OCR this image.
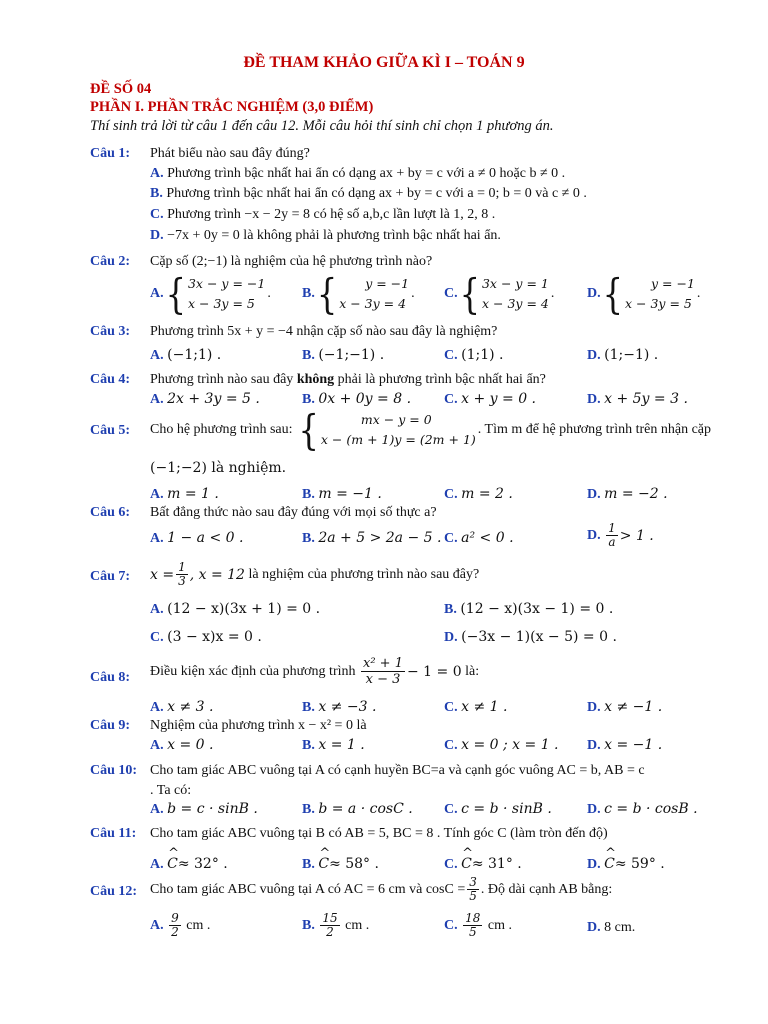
ĐỀ THAM KHẢO GIỮA KÌ I – TOÁN 9
ĐỀ SỐ 04
PHẦN I. PHẦN TRẮC NGHIỆM (3,0 ĐIỂM)
Thí sinh trả lời từ câu 1 đến câu 12. Mỗi câu hỏi thí sinh chỉ chọn 1 phương án.
Câu 1: Phát biểu nào sau đây đúng?
A. Phương trình bậc nhất hai ẩn có dạng ax + by = c với a ≠ 0 hoặc b ≠ 0 .
B. Phương trình bậc nhất hai ẩn có dạng ax + by = c với a = 0; b = 0 và c ≠ 0 .
C. Phương trình −x − 2y = 8 có hệ số a,b,c lần lượt là 1, 2, 8 .
D. −7x + 0y = 0 là không phải là phương trình bậc nhất hai ẩn.
Câu 2: Cặp số (2;−1) là nghiệm của hệ phương trình nào?
A. { 3x − y = −1
x − 3y = 5
. B. {	y = −1
x − 3y = 4
. C. { 3x − y = 1
x − 3y = 4
. D. {	y = −1
x − 3y = 5
.
Câu 3: Phương trình 5x + y = −4 nhận cặp số nào sau đây là nghiệm?
A. (−1;1) .	B. (−1;−1) .	C. (1;1) .	D. (1;−1) .
Câu 4: Phương trình nào sau đây không phải là phương trình bậc nhất hai ẩn?
A. 2x + 3y = 5 .	B. 0x + 0y = 8 . C. x + y = 0 .	D. x + 5y = 3 .
Câu 5: Cho hệ phương trình sau: {	mx − y = 0
x − (m + 1)y = (2m + 1)
. Tìm m để hệ phương trình trên nhận cặp
(−1;−2) là nghiệm.
A. m = 1 .	B. m = −1 .	C. m = 2 .	D. m = −2 .
Câu 6: Bất đẳng thức nào sau đây đúng với mọi số thực a?
A. 1 − a < 0 .	B. 2a + 5 > 2a − 5 . C. a² < 0 .	D.
$\frac{1}{a} > 1$ .
Câu 7: $x = \frac{1}{3}$ , x = 12
là nghiệm của phương trình nào sau đây?
A. (12 − x)(3x + 1) = 0 .	B. (12 − x)(3x − 1) = 0 .
C. (3 − x)x = 0 .	D. (−3x − 1)(x − 5) = 0 .
Câu 8: Điều kiện xác định của phương trình
$\frac{\text{x² + 1}}{x - 3} - 1 = 0$
là:
A. x ≠ 3 .	B. x ≠ −3 .	C. x ≠ 1 .	D. x ≠ −1 .
Câu 9: Nghiệm của phương trình x − x² = 0 là
A. x = 0 .	B. x = 1 .	C. x = 0 ; x = 1 . D. x = −1 .
Câu 10: Cho tam giác ABC vuông tại A có cạnh huyền BC=a và cạnh góc vuông AC = b, AB = c
. Ta có:
A. b = c · sinB .	B. b = a · cosC . C. c = b · sinB .	D. c = b · cosB .
Câu 11: Cho tam giác ABC vuông tại B có AB = 5, BC = 8 . Tính góc C (làm tròn đến độ)
A. ^ C≈ 32° .	B. ^ C≈ 58° .	C. ^ C≈ 31° .	D. ^ C≈ 59° .
Câu 12: Cho tam giác ABC vuông tại A có AC = 6 cm và $\cos C = \frac{3}{5}$ . Độ dài cạnh AB bằng:
A.
$\frac{9}{2}$
cm .	B.
$\frac{15}{2}$
cm .	C.
$\frac{18}{5}$
cm .	D. 8 cm.
